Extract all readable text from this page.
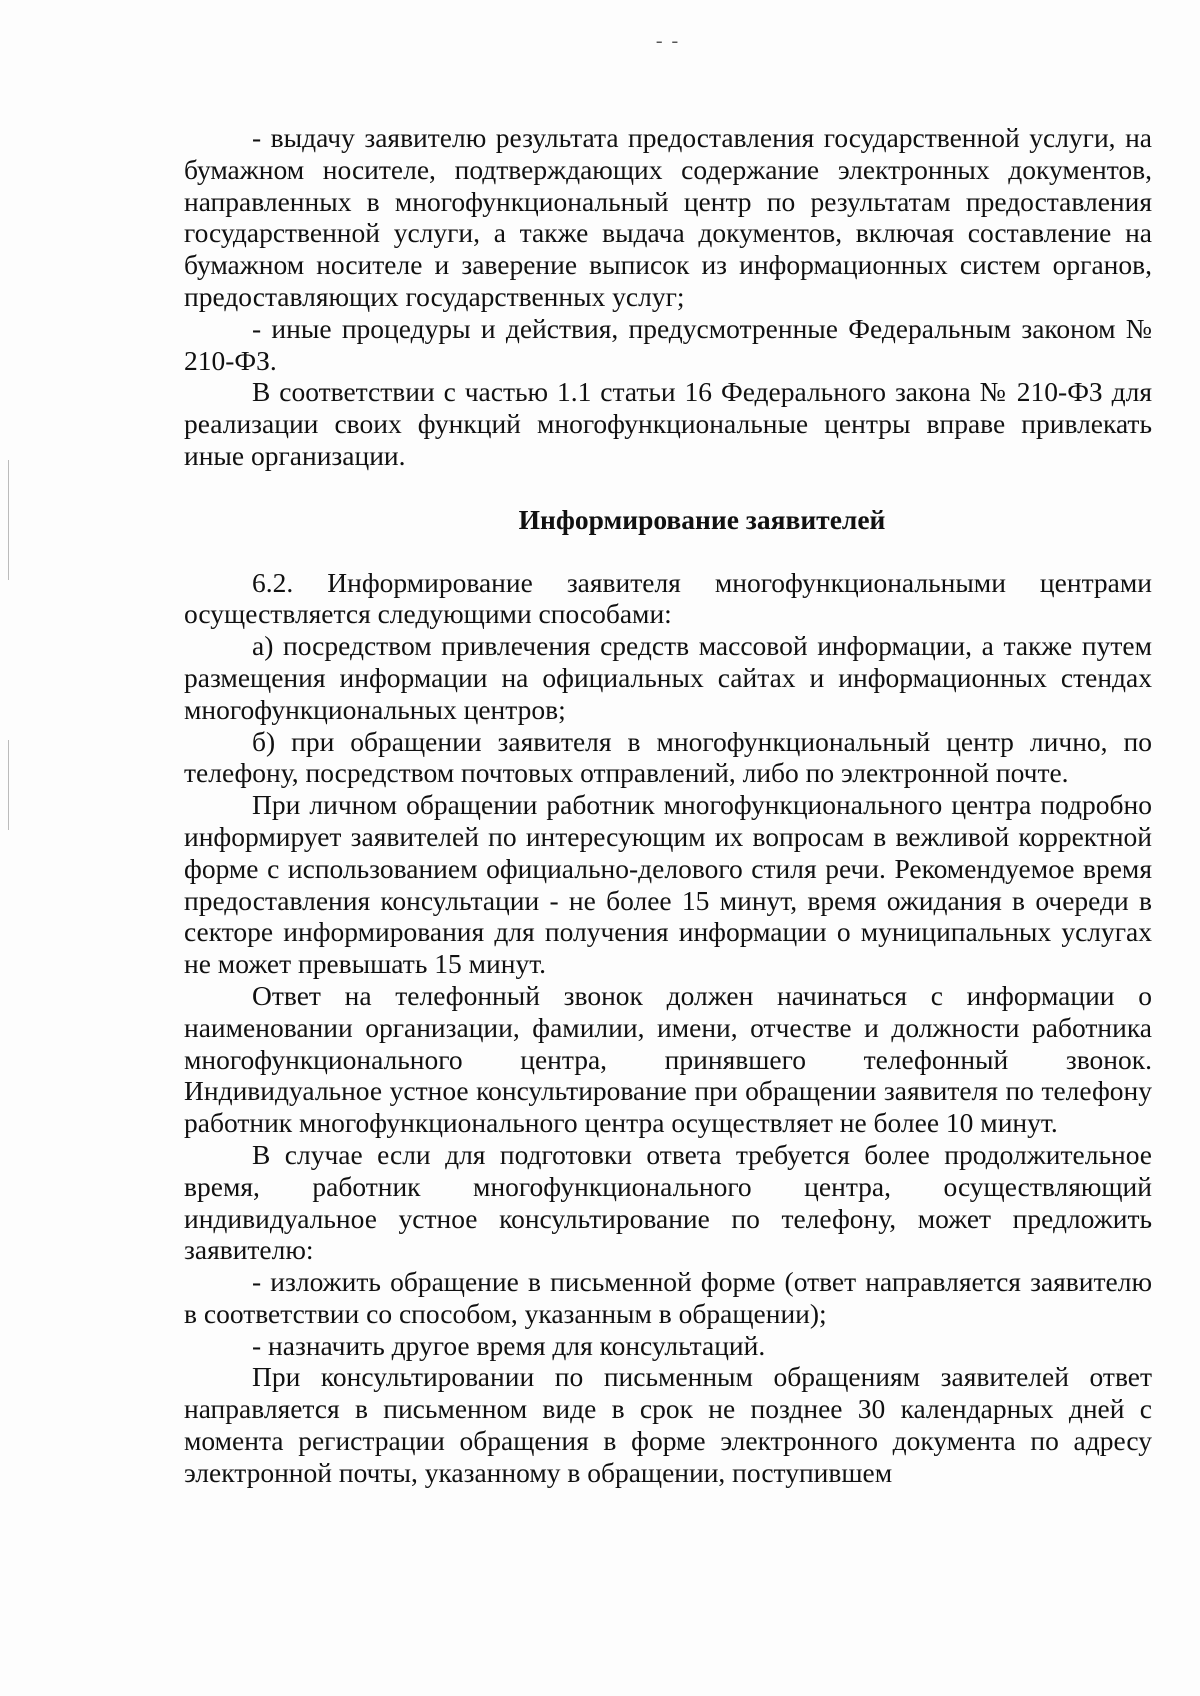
- -

- выдачу заявителю результата предоставления государственной услуги, на бумажном носителе, подтверждающих содержание электронных документов, направленных в многофункциональный центр по результатам предоставления государственной услуги, а также выдача документов, включая составление на бумажном носителе и заверение выписок из информационных систем органов, предоставляющих государственных услуг;

- иные процедуры и действия, предусмотренные Федеральным законом № 210-ФЗ.

В соответствии с частью 1.1 статьи 16 Федерального закона № 210-ФЗ для реализации своих функций многофункциональные центры вправе привлекать иные организации.

Информирование заявителей

6.2. Информирование заявителя многофункциональными центрами осуществляется следующими способами:

а) посредством привлечения средств массовой информации, а также путем размещения информации на официальных сайтах и информационных стендах многофункциональных центров;

б) при обращении заявителя в многофункциональный центр лично, по телефону, посредством почтовых отправлений, либо по электронной почте.

При личном обращении работник многофункционального центра подробно информирует заявителей по интересующим их вопросам в вежливой корректной форме с использованием официально-делового стиля речи. Рекомендуемое время предоставления консультации - не более 15 минут, время ожидания в очереди в секторе информирования для получения информации о муниципальных услугах не может превышать 15 минут.

Ответ на телефонный звонок должен начинаться с информации о наименовании организации, фамилии, имени, отчестве и должности работника многофункционального центра, принявшего телефонный звонок. Индивидуальное устное консультирование при обращении заявителя по телефону работник многофункционального центра осуществляет не более 10 минут.

В случае если для подготовки ответа требуется более продолжительное время, работник многофункционального центра, осуществляющий индивидуальное устное консультирование по телефону, может предложить заявителю:

- изложить обращение в письменной форме (ответ направляется заявителю в соответствии со способом, указанным в обращении);

- назначить другое время для консультаций.

При консультировании по письменным обращениям заявителей ответ направляется в письменном виде в срок не позднее 30 календарных дней с момента регистрации обращения в форме электронного документа по адресу электронной почты, указанному в обращении, поступившем
